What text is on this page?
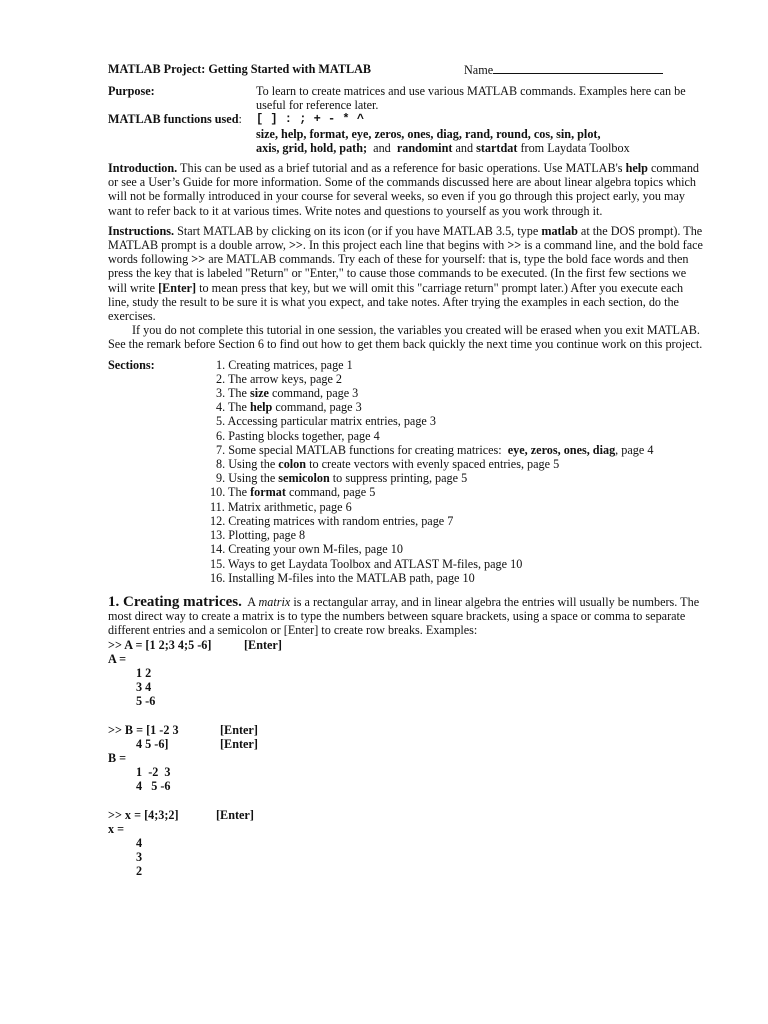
MATLAB Project: Getting Started with MATLAB	Name
Purpose:	To learn to create matrices and use various MATLAB commands. Examples here can be useful for reference later.
MATLAB functions used:	[ ] : ; + - * ^
size, help, format, eye, zeros, ones, diag, rand, round, cos, sin, plot,
axis, grid, hold, path;  and  randomint and startdat from Laydata Toolbox

Introduction. This can be used as a brief tutorial and as a reference for basic operations. Use MATLAB's help command or see a User’s Guide for more information. Some of the commands discussed here are about linear algebra topics which will not be formally introduced in your course for several weeks, so even if you go through this project early, you may want to refer back to it at various times. Write notes and questions to yourself as you work through it.

Instructions. Start MATLAB by clicking on its icon (or if you have MATLAB 3.5, type matlab at the DOS prompt). The MATLAB prompt is a double arrow, >>. In this project each line that begins with >> is a command line, and the bold face words following >> are MATLAB commands. Try each of these for yourself: that is, type the bold face words and then press the key that is labeled "Return" or "Enter," to cause those commands to be executed. (In the first few sections we will write [Enter] to mean press that key, but we will omit this "carriage return" prompt later.) After you execute each line, study the result to be sure it is what you expect, and take notes. After trying the examples in each section, do the exercises.

If you do not complete this tutorial in one session, the variables you created will be erased when you exit MATLAB. See the remark before Section 6 to find out how to get them back quickly the next time you continue work on this project.

Sections:	1. Creating matrices, page 1
2. The arrow keys, page 2
3. The size command, page 3
4. The help command, page 3
5. Accessing particular matrix entries, page 3
6. Pasting blocks together, page 4
7. Some special MATLAB functions for creating matrices:  eye, zeros, ones, diag, page 4
8. Using the colon to create vectors with evenly spaced entries, page 5
9. Using the semicolon to suppress printing, page 5
10. The format command, page 5
11. Matrix arithmetic, page 6
12. Creating matrices with random entries, page 7
13. Plotting, page 8
14. Creating your own M-files, page 10
15. Ways to get Laydata Toolbox and ATLAST M-files, page 10
16. Installing M-files into the MATLAB path, page 10
1. Creating matrices.  A matrix is a rectangular array, and in linear algebra the entries will usually be numbers. The most direct way to create a matrix is to type the numbers between square brackets, using a space or comma to separate different entries and a semicolon or [Enter] to create row breaks. Examples:
>> A = [1 2;3 4;5 -6]	[Enter]
A =
1 2
3 4
5 -6
>> B = [1 -2 3	[Enter]
4 5 -6]	[Enter]
B =
1  -2  3
4   5 -6
>> x = [4;3;2]	[Enter]
x =
4
3
2
